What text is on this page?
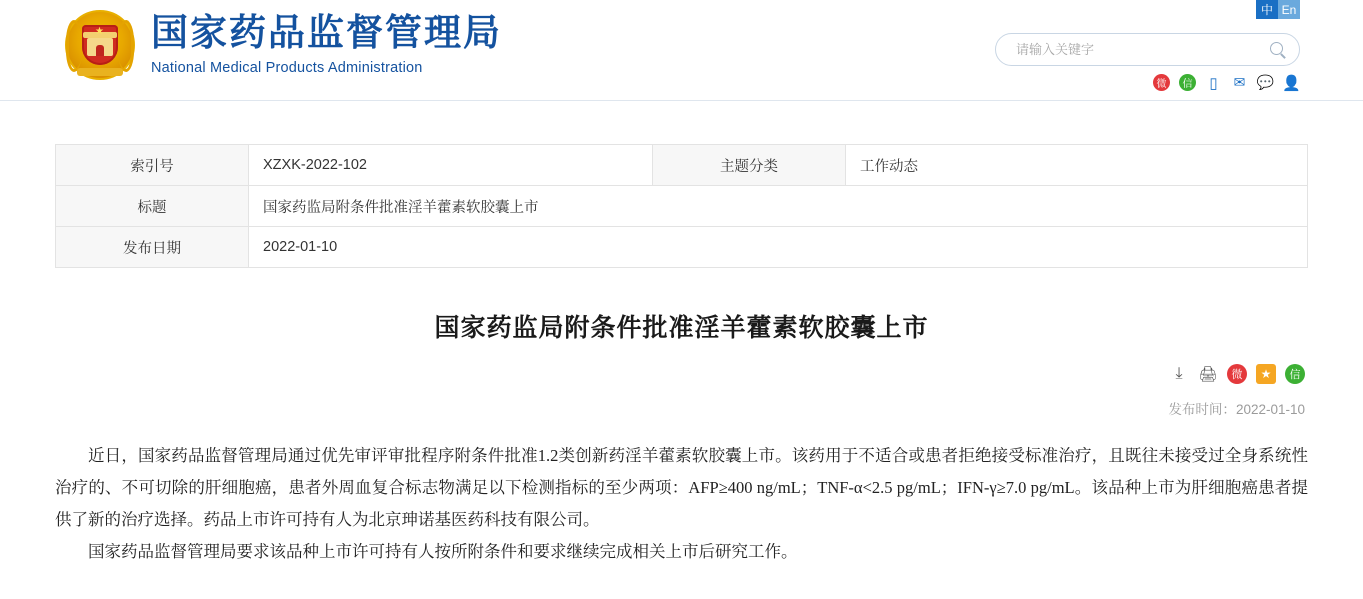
中 En
★ 国家药品监督管理局
National Medical Products Administration
请输入关键字
微	信 ▯	✉ 💬 👤
索引号	XZXK-2022-102	主题分类	工作动态
标题	国家药监局附条件批准淫羊藿素软胶囊上市		
发布日期	2022-01-10		
国家药监局附条件批准淫羊藿素软胶囊上市
⤓	🖨	微	★	信
发布时间：2022-01-10

近日，国家药品监督管理局通过优先审评审批程序附条件批准1.2类创新药淫羊藿素软胶囊上市。该药用于不适合或患者拒绝接受标准治疗，且既往未接受过全身系统性治疗的、不可切除的肝细胞癌，患者外周血复合标志物满足以下检测指标的至少两项：AFP≥400 ng/mL；TNF-α<2.5 pg/mL；IFN-γ≥7.0 pg/mL。该品种上市为肝细胞癌患者提供了新的治疗选择。药品上市许可持有人为北京珅诺基医药科技有限公司。

国家药品监督管理局要求该品种上市许可持有人按所附条件和要求继续完成相关上市后研究工作。
